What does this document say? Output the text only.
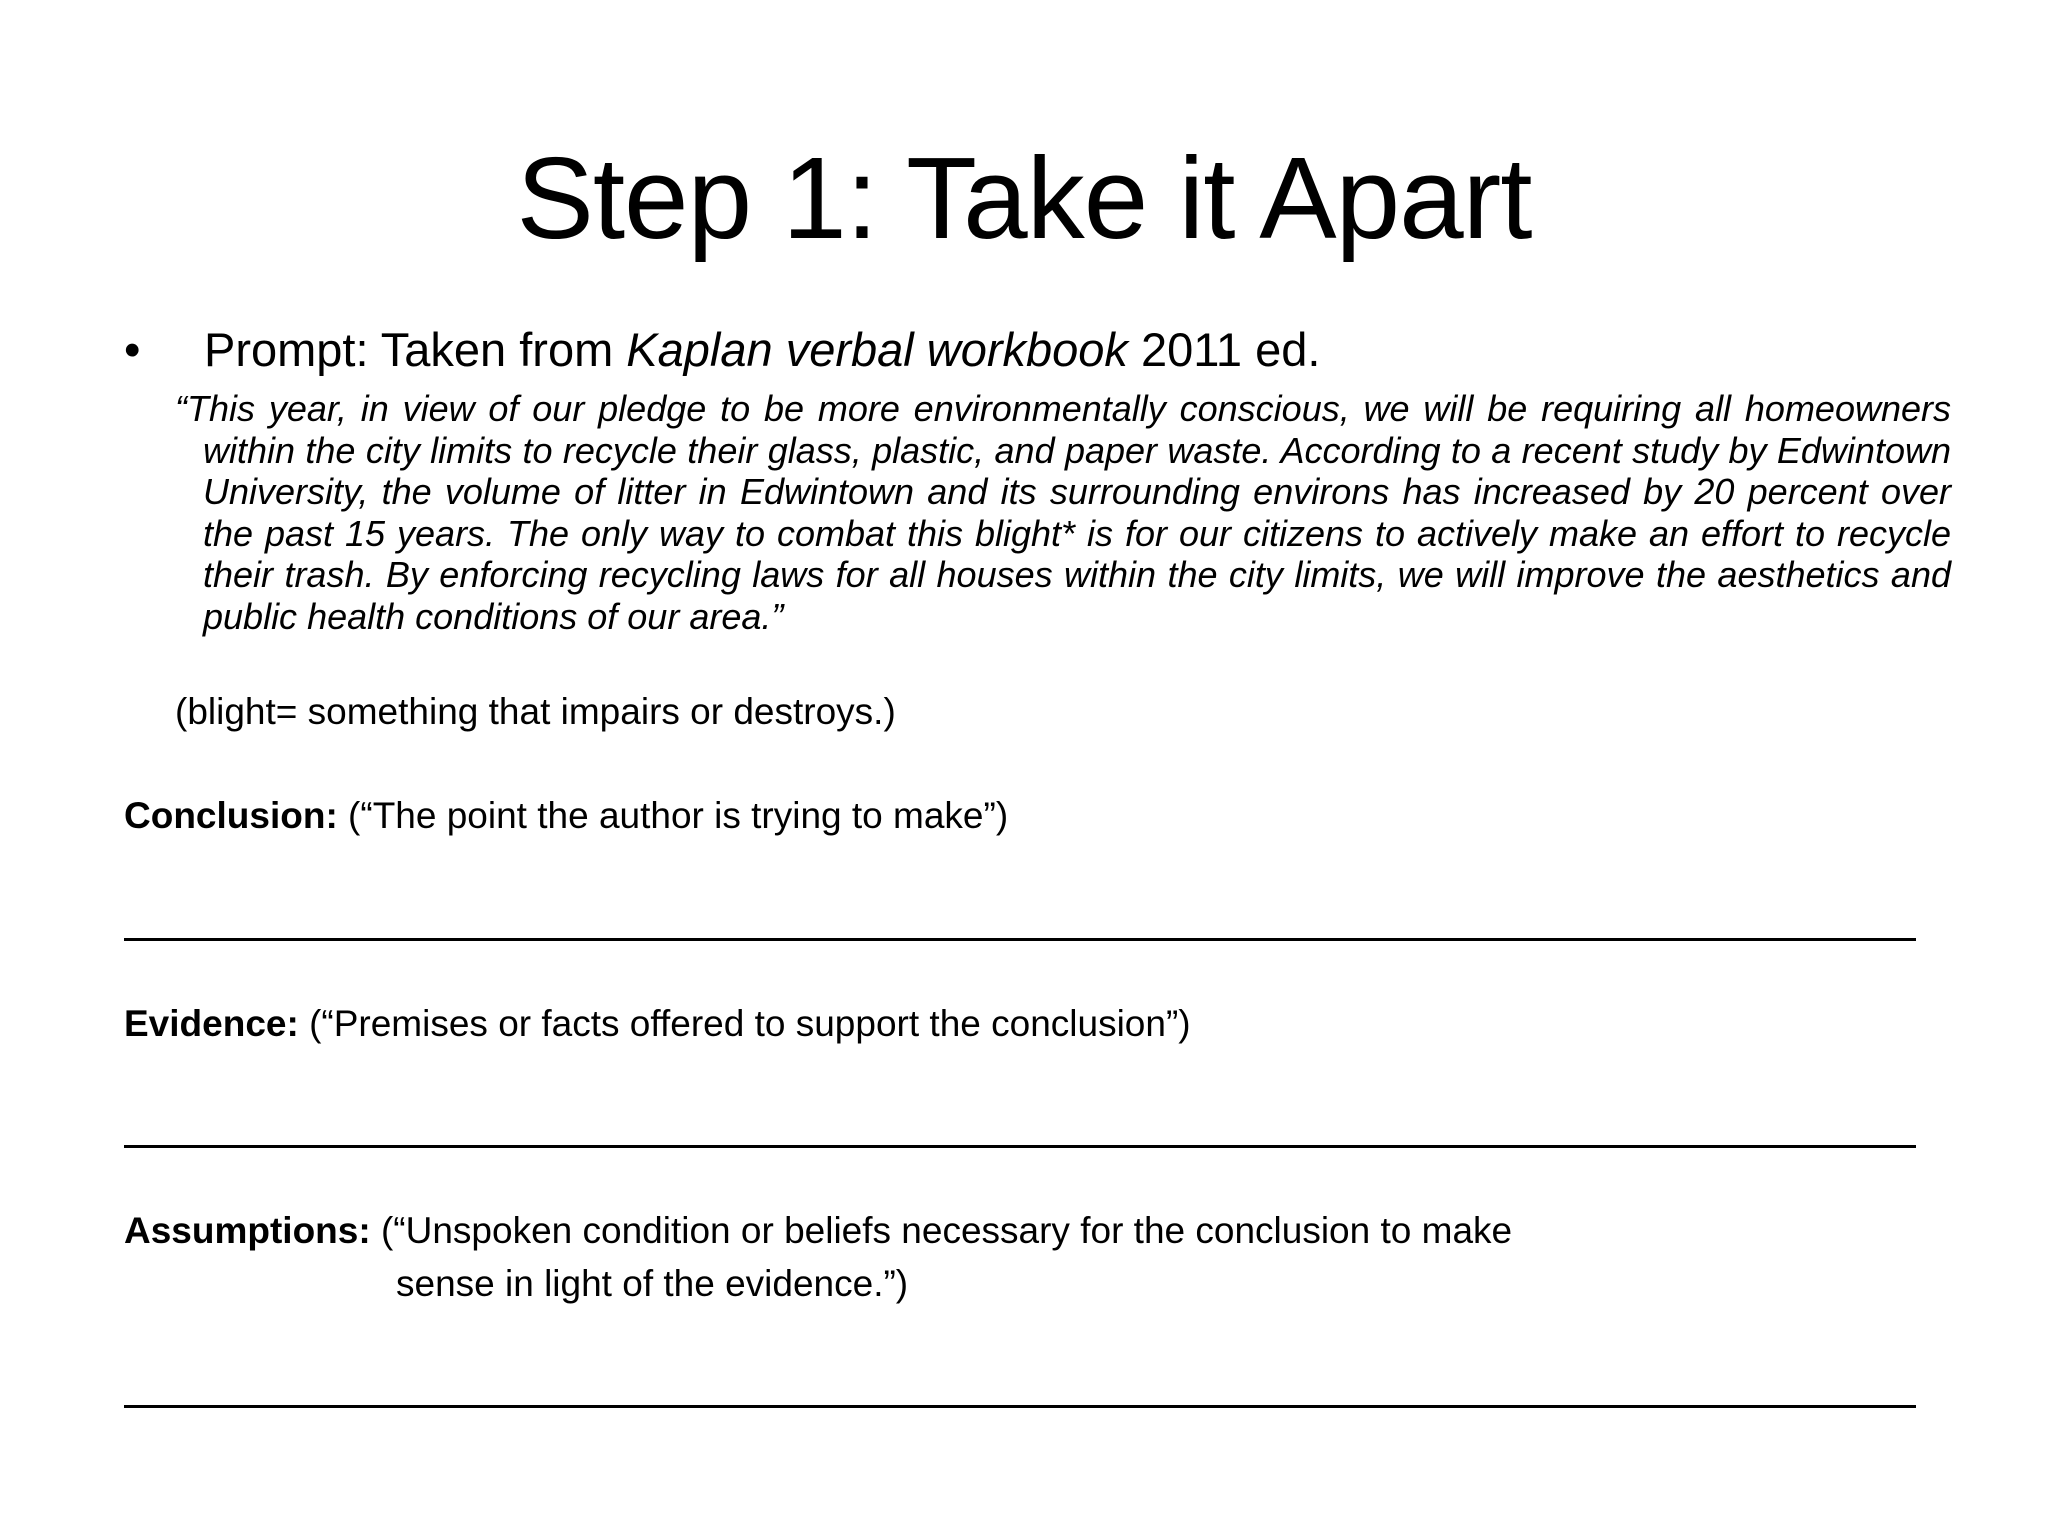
Step 1: Take it Apart
• Prompt: Taken from Kaplan verbal workbook 2011 ed.

“This year, in view of our pledge to be more environmentally conscious, we will be requiring all homeowners within the city limits to recycle their glass, plastic, and paper waste. According to a recent study by Edwintown University, the volume of litter in Edwintown and its surrounding environs has increased by 20 percent over the past 15 years. The only way to combat this blight* is for our citizens to actively make an effort to recycle their trash. By enforcing recycling laws for all houses within the city limits, we will improve the aesthetics and public health conditions of our area.”

(blight= something that impairs or destroys.)
Conclusion: (“The point the author is trying to make”)
Evidence: (“Premises or facts offered to support the conclusion”)
Assumptions: (“Unspoken condition or beliefs necessary for the conclusion to make
sense in light of the evidence.”)
